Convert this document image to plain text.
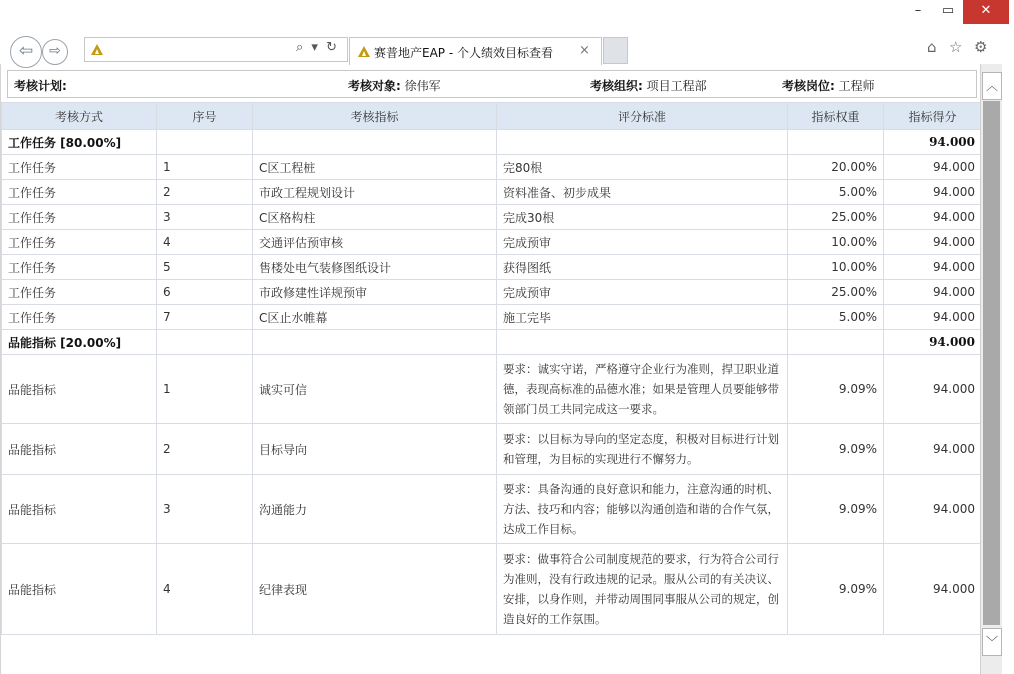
–	▭	✕
⇦	⇨	⌕ ▾ ↻	赛普地产EAP - 个人绩效目标查看 ×	⌂ ☆ ⚙
考核计划:	考核对象: 徐伟军	考核组织: 项目工程部	考核岗位: 工程师
考核方式	序号	考核指标	评分标准	指标权重	指标得分
工作任务 [80.00%]					94.000
工作任务	1	C区工程桩	完80根	20.00%	94.000
工作任务	2	市政工程规划设计	资料准备、初步成果	5.00%	94.000
工作任务	3	C区格构柱	完成30根	25.00%	94.000
工作任务	4	交通评估预审核	完成预审	10.00%	94.000
工作任务	5	售楼处电气装修图纸设计	获得图纸	10.00%	94.000
工作任务	6	市政修建性详规预审	完成预审	25.00%	94.000
工作任务	7	C区止水帷幕	施工完毕	5.00%	94.000
品能指标 [20.00%]					94.000
品能指标	1	诚实可信	要求：诚实守诺，严格遵守企业行为准则，捍卫职业道德，表现高标准的品德水准；如果是管理人员要能够带领部门员工共同完成这一要求。	9.09%	94.000
品能指标	2	目标导向	要求：以目标为导向的坚定态度，积极对目标进行计划和管理，为目标的实现进行不懈努力。	9.09%	94.000
品能指标	3	沟通能力	要求：具备沟通的良好意识和能力，注意沟通的时机、方法、技巧和内容；能够以沟通创造和谐的合作气氛，达成工作目标。	9.09%	94.000
品能指标	4	纪律表现	要求：做事符合公司制度规范的要求，行为符合公司行为准则，没有行政违规的记录。服从公司的有关决议、安排，以身作则，并带动周围同事服从公司的规定，创造良好的工作氛围。	9.09%	94.000
︿
﹀
